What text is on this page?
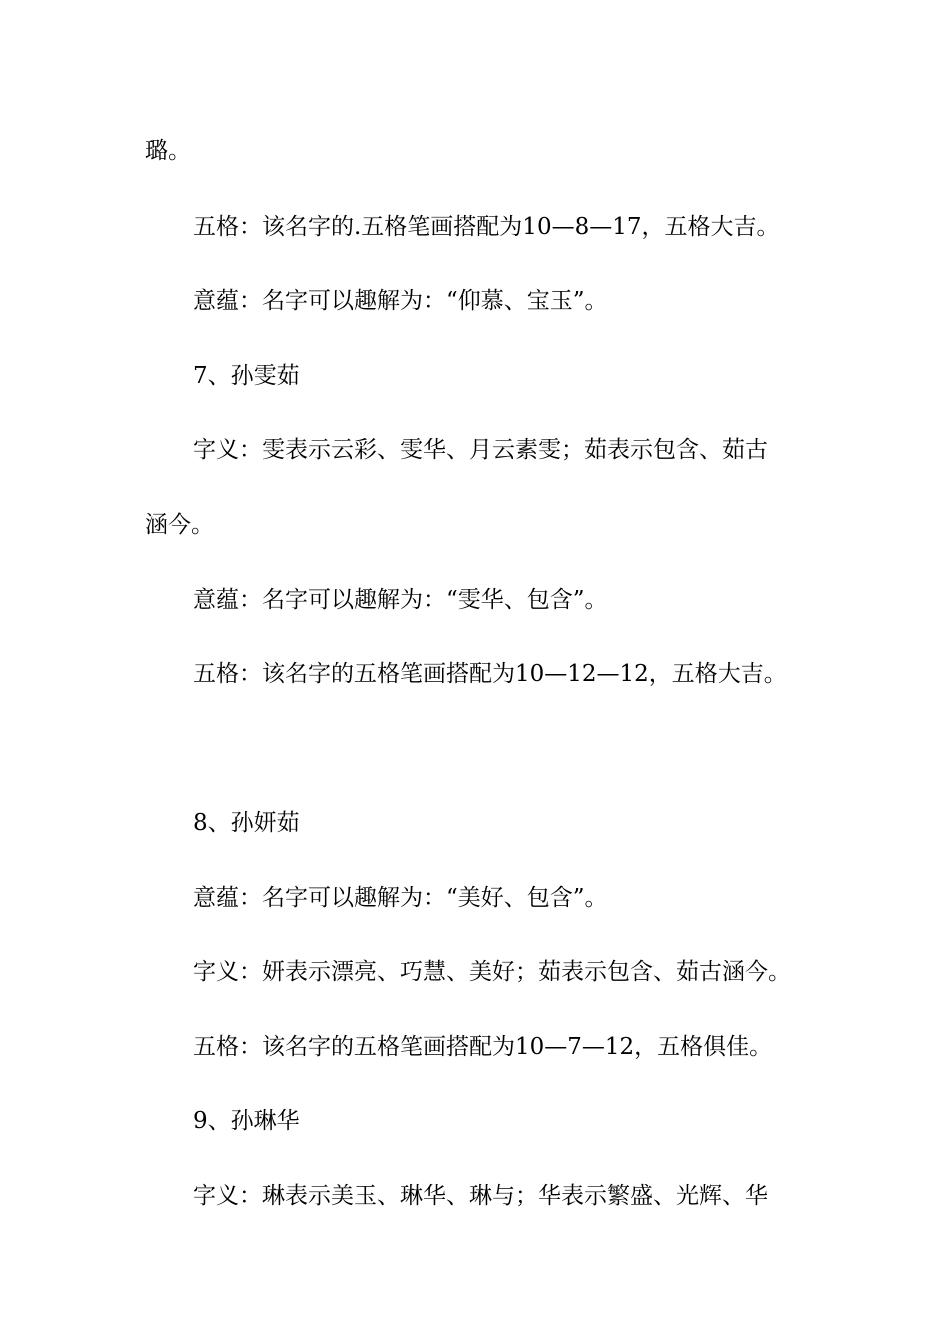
璐。
五格：该名字的.五格笔画搭配为10—8—17，五格大吉。
意蕴：名字可以趣解为：“仰慕、宝玉”。
7、孙雯茹
字义：雯表示云彩、雯华、月云素雯；茹表示包含、茹古
涵今。
意蕴：名字可以趣解为：“雯华、包含”。
五格：该名字的五格笔画搭配为10—12—12，五格大吉。
8、孙妍茹
意蕴：名字可以趣解为：“美好、包含”。
字义：妍表示漂亮、巧慧、美好；茹表示包含、茹古涵今。
五格：该名字的五格笔画搭配为10—7—12，五格俱佳。
9、孙琳华
字义：琳表示美玉、琳华、琳与；华表示繁盛、光辉、华
